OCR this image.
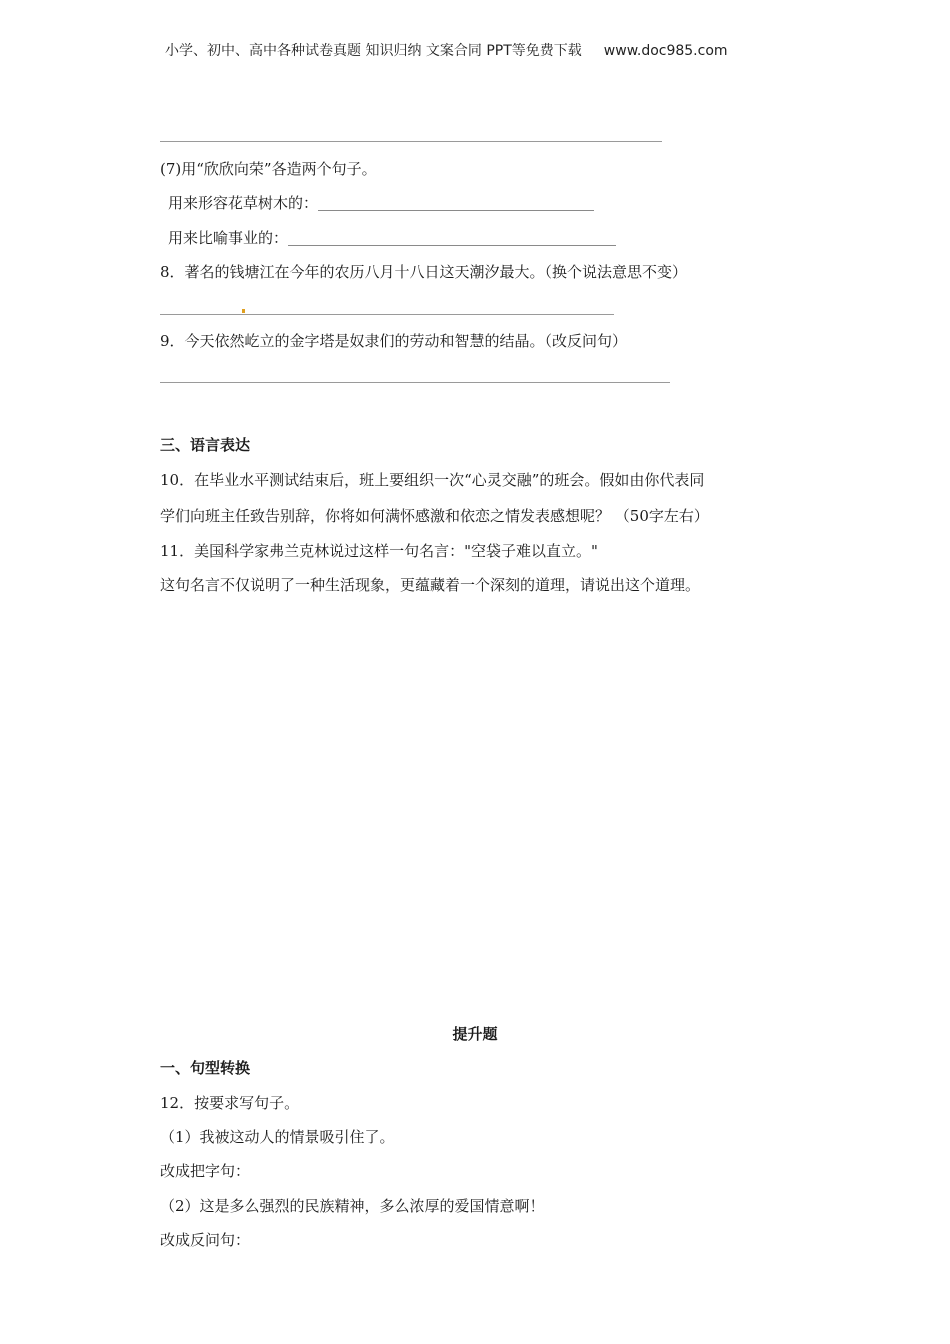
小学、初中、高中各种试卷真题 知识归纳 文案合同 PPT等免费下载 www.doc985.com
(7)用“欣欣向荣”各造两个句子。
用来形容花草树木的：
用来比喻事业的：
8．著名的钱塘江在今年的农历八月十八日这天潮汐最大。（换个说法意思不变）
9．今天依然屹立的金字塔是奴隶们的劳动和智慧的结晶。（改反问句）
三、语言表达
10．在毕业水平测试结束后，班上要组织一次“心灵交融”的班会。假如由你代表同
学们向班主任致告别辞，你将如何满怀感激和依恋之情发表感想呢？ （50字左右）
11．美国科学家弗兰克林说过这样一句名言："空袋子难以直立。"
这句名言不仅说明了一种生活现象，更蕴藏着一个深刻的道理，请说出这个道理。
提升题
一、句型转换
12．按要求写句子。
（1）我被这动人的情景吸引住了。
改成把字句：
（2）这是多么强烈的民族精神，多么浓厚的爱国情意啊！
改成反问句：
